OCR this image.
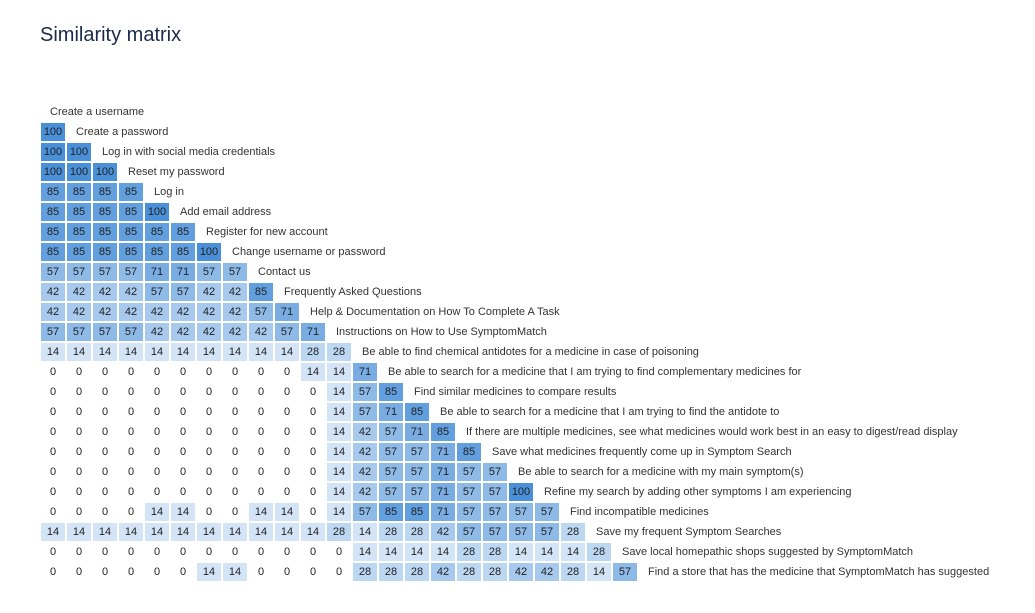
Similarity matrix
Create a username
100	Create a password
100 100	Log in with social media credentials
100 100 100	Reset my password
85	85	85	85	Log in
85	85	85	85 100	Add email address
85	85	85	85	85	85	Register for new account
85	85	85	85	85	85 100	Change username or password
57	57	57	57	71	71	57	57	Contact us
42	42	42	42	57	57	42	42	85	Frequently Asked Questions
42	42	42	42	42	42	42	42	57	71	Help & Documentation on How To Complete A Task
57	57	57	57	42	42	42	42	42	57	71	Instructions on How to Use SymptomMatch
14	14	14	14	14	14	14	14	14	14	28	28	Be able to find chemical antidotes for a medicine in case of poisoning
0	0	0	0	0	0	0	0	0	0	14	14	71	Be able to search for a medicine that I am trying to find complementary medicines for
0	0	0	0	0	0	0	0	0	0	0	14	57	85	Find similar medicines to compare results
0	0	0	0	0	0	0	0	0	0	0	14	57	71	85	Be able to search for a medicine that I am trying to find the antidote to
0	0	0	0	0	0	0	0	0	0	0	14	42	57	71	85	If there are multiple medicines, see what medicines would work best in an easy to digest/read display
0	0	0	0	0	0	0	0	0	0	0	14	42	57	57	71	85	Save what medicines frequently come up in Symptom Search
0	0	0	0	0	0	0	0	0	0	0	14	42	57	57	71	57	57	Be able to search for a medicine with my main symptom(s)
0	0	0	0	0	0	0	0	0	0	0	14	42	57	57	71	57	57 100	Refine my search by adding other symptoms I am experiencing
0	0	0	0	14	14	0	0	14	14	0	14	57	85	85	71	57	57	57	57	Find incompatible medicines
14	14	14	14	14	14	14	14	14	14	14	28	14	28	28	42	57	57	57	57	28	Save my frequent Symptom Searches
0	0	0	0	0	0	0	0	0	0	0	0	14	14	14	14	28	28	14	14	14	28	Save local homepathic shops suggested by SymptomMatch
0	0	0	0	0	0	14	14	0	0	0	0	28	28	28	42	28	28	42	42	28	14	57	Find a store that has the medicine that SymptomMatch has suggested
